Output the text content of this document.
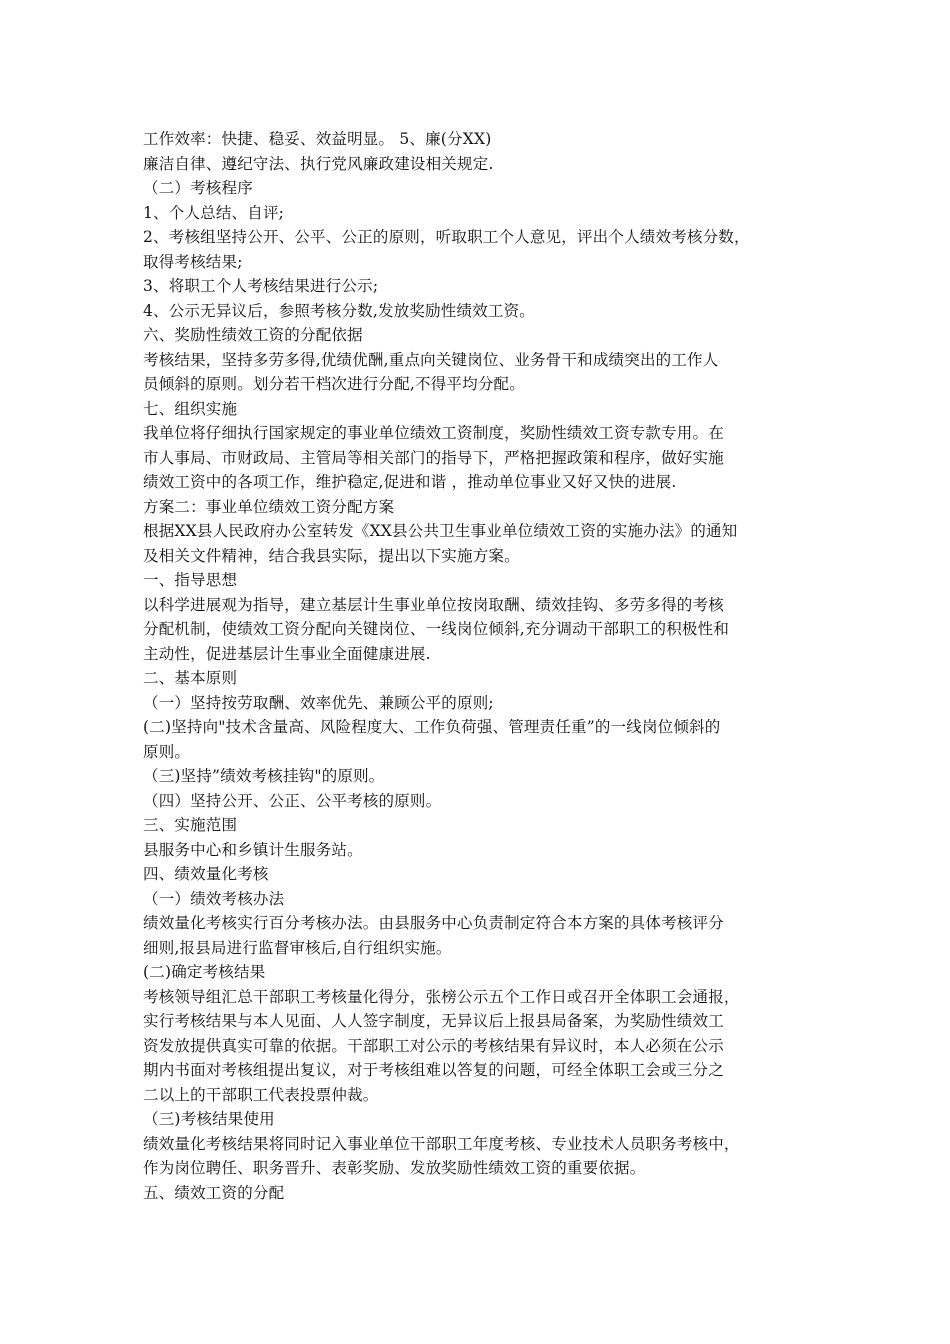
工作效率：快捷、稳妥、效益明显。 5、廉(分XX)
廉洁自律、遵纪守法、执行党风廉政建设相关规定.
（二）考核程序
1、个人总结、自评;
2、考核组坚持公开、公平、公正的原则，听取职工个人意见，评出个人绩效考核分数，
取得考核结果;
3、将职工个人考核结果进行公示;
4、公示无异议后，参照考核分数,发放奖励性绩效工资。
六、奖励性绩效工资的分配依据
考核结果，坚持多劳多得,优绩优酬,重点向关键岗位、业务骨干和成绩突出的工作人
员倾斜的原则。划分若干档次进行分配,不得平均分配。
七、组织实施
我单位将仔细执行国家规定的事业单位绩效工资制度，奖励性绩效工资专款专用。在
市人事局、市财政局、主管局等相关部门的指导下，严格把握政策和程序，做好实施
绩效工资中的各项工作，维护稳定,促进和谐 ，推动单位事业又好又快的进展.
方案二：事业单位绩效工资分配方案
根据XX县人民政府办公室转发《XX县公共卫生事业单位绩效工资的实施办法》的通知
及相关文件精神，结合我县实际，提出以下实施方案。
一、指导思想
以科学进展观为指导，建立基层计生事业单位按岗取酬、绩效挂钩、多劳多得的考核
分配机制，使绩效工资分配向关键岗位、一线岗位倾斜,充分调动干部职工的积极性和
主动性，促进基层计生事业全面健康进展.
二、基本原则
（一）坚持按劳取酬、效率优先、兼顾公平的原则;
(二)坚持向"技术含量高、风险程度大、工作负荷强、管理责任重”的一线岗位倾斜的
原则。
（三)坚持”绩效考核挂钩"的原则。
（四）坚持公开、公正、公平考核的原则。
三、实施范围
县服务中心和乡镇计生服务站。
四、绩效量化考核
（一）绩效考核办法
绩效量化考核实行百分考核办法。由县服务中心负责制定符合本方案的具体考核评分
细则,报县局进行监督审核后,自行组织实施。
(二)确定考核结果
考核领导组汇总干部职工考核量化得分，张榜公示五个工作日或召开全体职工会通报，
实行考核结果与本人见面、人人签字制度，无异议后上报县局备案，为奖励性绩效工
资发放提供真实可靠的依据。干部职工对公示的考核结果有异议时，本人必须在公示
期内书面对考核组提出复议，对于考核组难以答复的问题，可经全体职工会或三分之
二以上的干部职工代表投票仲裁。
（三)考核结果使用
绩效量化考核结果将同时记入事业单位干部职工年度考核、专业技术人员职务考核中，
作为岗位聘任、职务晋升、表彰奖励、发放奖励性绩效工资的重要依据。
五、绩效工资的分配
